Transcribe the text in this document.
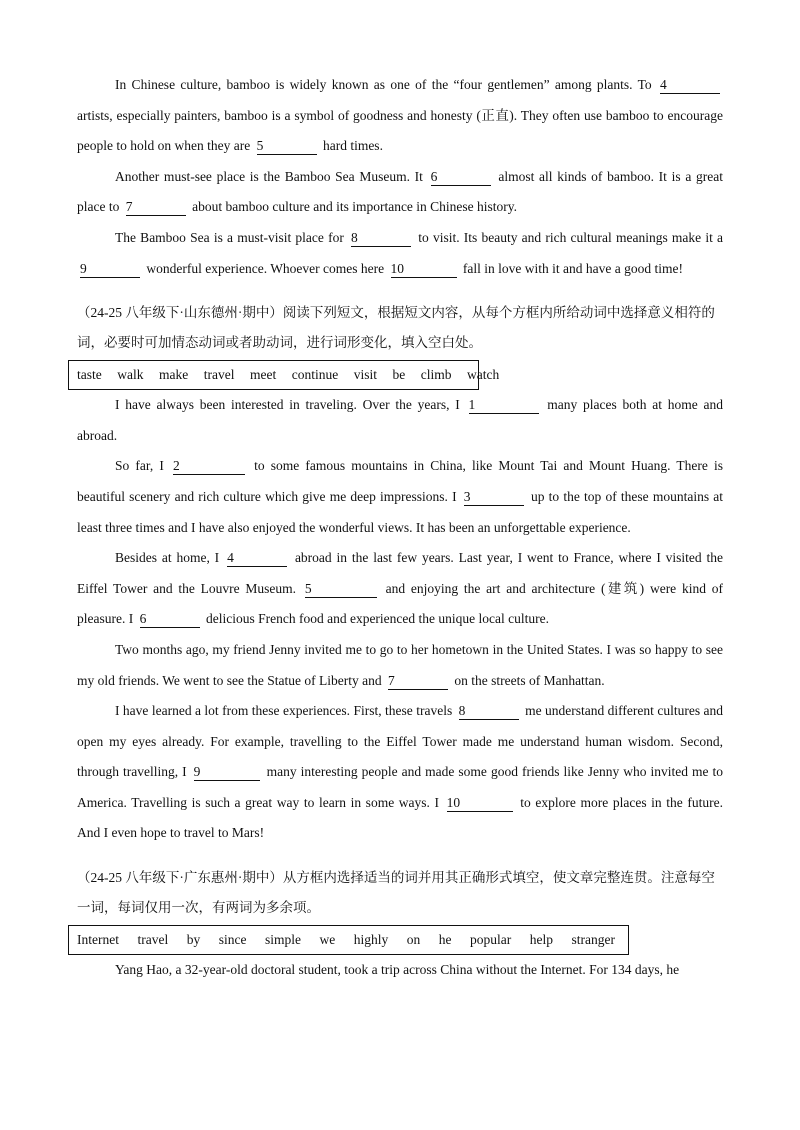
In Chinese culture, bamboo is widely known as one of the “four gentlemen” among plants. To 4 artists, especially painters, bamboo is a symbol of goodness and honesty (正直). They often use bamboo to encourage people to hold on when they are 5	hard times.

Another must-see place is the Bamboo Sea Museum. It 6	almost all kinds of bamboo. It is a great place to 7	about bamboo culture and its importance in Chinese history.

The Bamboo Sea is a must-visit place for 8	to visit. Its beauty and rich cultural meanings make it a 9	wonderful experience. Whoever comes here 10	fall in love with it and have a good time!

（24-25 八年级下·山东德州·期中）阅读下列短文，根据短文内容，从每个方框内所给动词中选择意义相符的词，必要时可加情态动词或者助动词，进行词形变化，填入空白处。

taste walk make travel meet continue visit be climb watch

I have always been interested in traveling. Over the years, I 1	many places both at home and abroad.

So far, I 2	to some famous mountains in China, like Mount Tai and Mount Huang. There is beautiful scenery and rich culture which give me deep impressions. I 3	up to the top of these mountains at least three times and I have also enjoyed the wonderful views. It has been an unforgettable experience.

Besides at home, I 4	abroad in the last few years. Last year, I went to France, where I visited the Eiffel Tower and the Louvre Museum. 5	and enjoying the art and architecture (建筑) were kind of pleasure. I 6	delicious French food and experienced the unique local culture.

Two months ago, my friend Jenny invited me to go to her hometown in the United States. I was so happy to see my old friends. We went to see the Statue of Liberty and 7	on the streets of Manhattan.

I have learned a lot from these experiences. First, these travels 8	me understand different cultures and open my eyes already. For example, travelling to the Eiffel Tower made me understand human wisdom. Second, through travelling, I 9	many interesting people and made some good friends like Jenny who invited me to America. Travelling is such a great way to learn in some ways. I 10	to explore more places in the future. And I even hope to travel to Mars!

（24-25 八年级下·广东惠州·期中）从方框内选择适当的词并用其正确形式填空，使文章完整连贯。注意每空一词，每词仅用一次，有两词为多余项。

Internet travel by since simple we highly on he popular help stranger

Yang Hao, a 32-year-old doctoral student, took a trip across China without the Internet. For 134 days, he
